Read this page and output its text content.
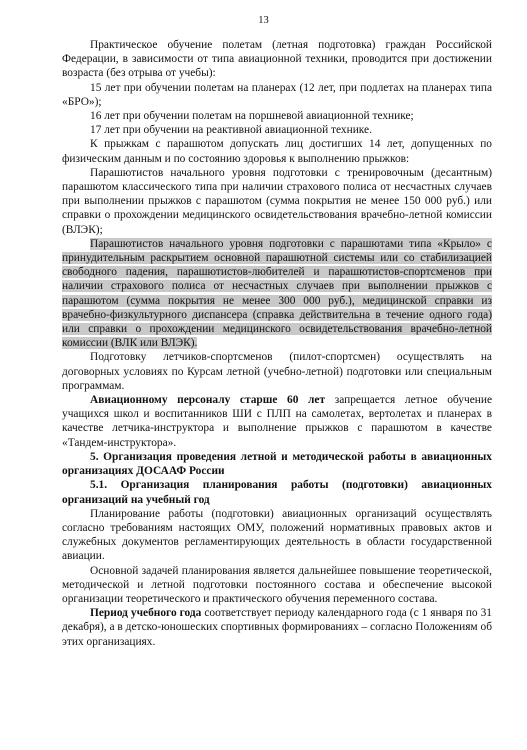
13

Практическое обучение полетам (летная подготовка) граждан Российской Федерации, в зависимости от типа авиационной техники, проводится при достижении возраста (без отрыва от учебы):

15 лет при обучении полетам на планерах (12 лет, при подлетах на планерах типа «БРО»);

16 лет при обучении полетам на поршневой авиационной технике;

17 лет при обучении на реактивной авиационной технике.

К прыжкам с парашютом допускать лиц достигших 14 лет, допущенных по физическим данным и по состоянию здоровья к выполнению прыжков:

Парашютистов начального уровня подготовки с тренировочным (десантным) парашютом классического типа при наличии страхового полиса от несчастных случаев при выполнении прыжков с парашютом (сумма покрытия не менее 150 000 руб.) или справки о прохождении медицинского освидетельствования врачебно-летной комиссии (ВЛЭК);

Парашютистов начального уровня подготовки с парашютами типа «Крыло» с принудительным раскрытием основной парашютной системы или со стабилизацией свободного падения, парашютистов-любителей и парашютистов-спортсменов при наличии страхового полиса от несчастных случаев при выполнении прыжков с парашютом (сумма покрытия не менее 300 000 руб.), медицинской справки из врачебно-физкультурного диспансера (справка действительна в течение одного года) или справки о прохождении медицинского освидетельствования врачебно-летной комиссии (ВЛК или ВЛЭК).

Подготовку летчиков-спортсменов (пилот-спортсмен) осуществлять на договорных условиях по Курсам летной (учебно-летной) подготовки или специальным программам.

Авиационному персоналу старше 60 лет запрещается летное обучение учащихся школ и воспитанников ШИ с ПЛП на самолетах, вертолетах и планерах в качестве летчика-инструктора и выполнение прыжков с парашютом в качестве «Тандем-инструктора».

5. Организация проведения летной и методической работы в авиационных организациях ДОСААФ России

5.1. Организация планирования работы (подготовки) авиационных организаций на учебный год

Планирование работы (подготовки) авиационных организаций осуществлять согласно требованиям настоящих ОМУ, положений нормативных правовых актов и служебных документов регламентирующих деятельность в области государственной авиации.

Основной задачей планирования является дальнейшее повышение теоретической, методической и летной подготовки постоянного состава и обеспечение высокой организации теоретического и практического обучения переменного состава.

Период учебного года соответствует периоду календарного года (с 1 января по 31 декабря), а в детско-юношеских спортивных формированиях – согласно Положениям об этих организациях.
